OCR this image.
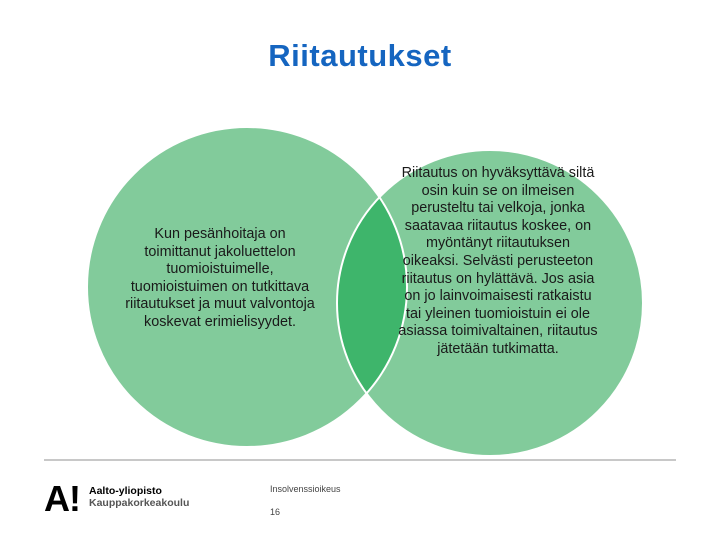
Riitautukset
Kun pesänhoitaja on toimittanut jakoluettelon tuomioistuimelle, tuomioistuimen on tutkittava riitautukset ja muut valvontoja koskevat erimielisyydet.
Riitautus on hyväksyttävä siltä osin kuin se on ilmeisen perusteltu tai velkoja, jonka saatavaa riitautus koskee, on myöntänyt riitautuksen oikeaksi. Selvästi perusteeton riitautus on hylättävä. Jos asia on jo lainvoimaisesti ratkaistu tai yleinen tuomioistuin ei ole asiassa toimivaltainen, riitautus jätetään tutkimatta.
A! Aalto-yliopisto
Kauppakorkeakoulu
Insolvenssioikeus
16
